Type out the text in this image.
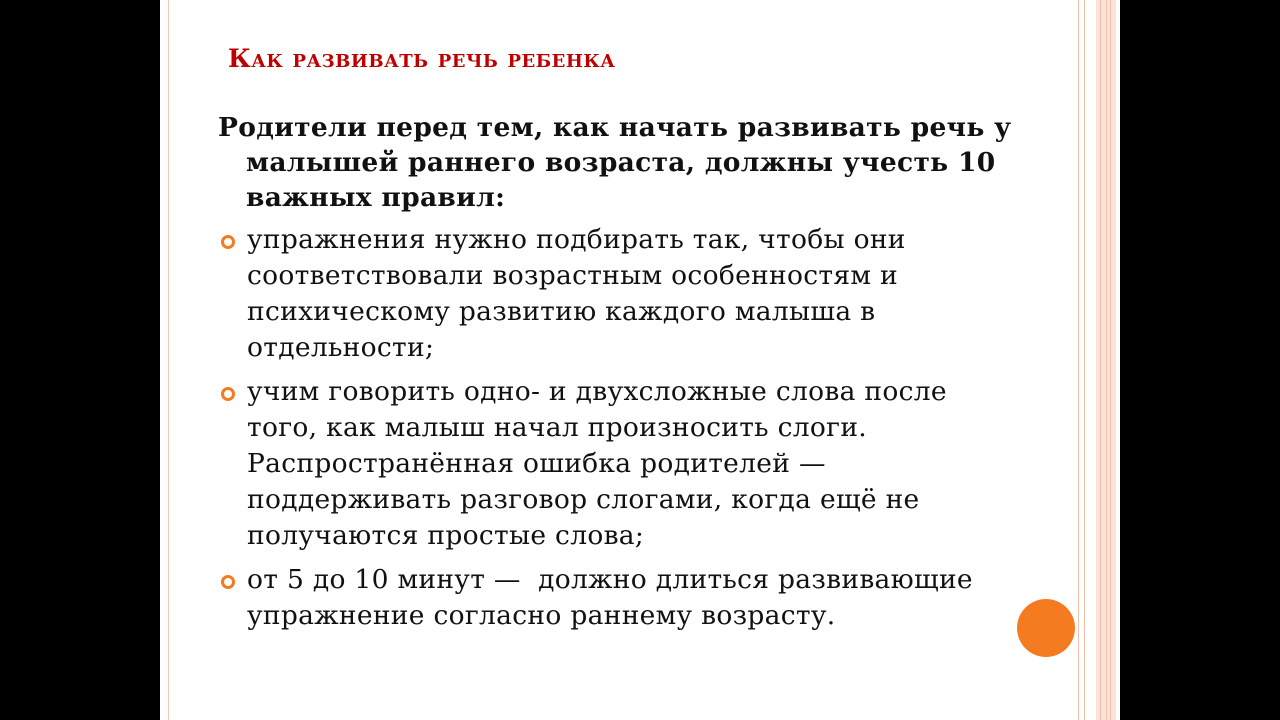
Как развивать речь ребенка

Родители перед тем, как начать развивать речь у малышей раннего возраста, должны учесть 10 важных правил:

упражнения нужно подбирать так, чтобы они соответствовали возрастным особенностям и психическому развитию каждого малыша в отдельности;
учим говорить одно- и двухсложные слова после того, как малыш начал произносить слоги. Распространённая ошибка родителей — поддерживать разговор слогами, когда ещё не получаются простые слова;
от 5 до 10 минут —  должно длиться развивающие упражнение согласно раннему возрасту.
